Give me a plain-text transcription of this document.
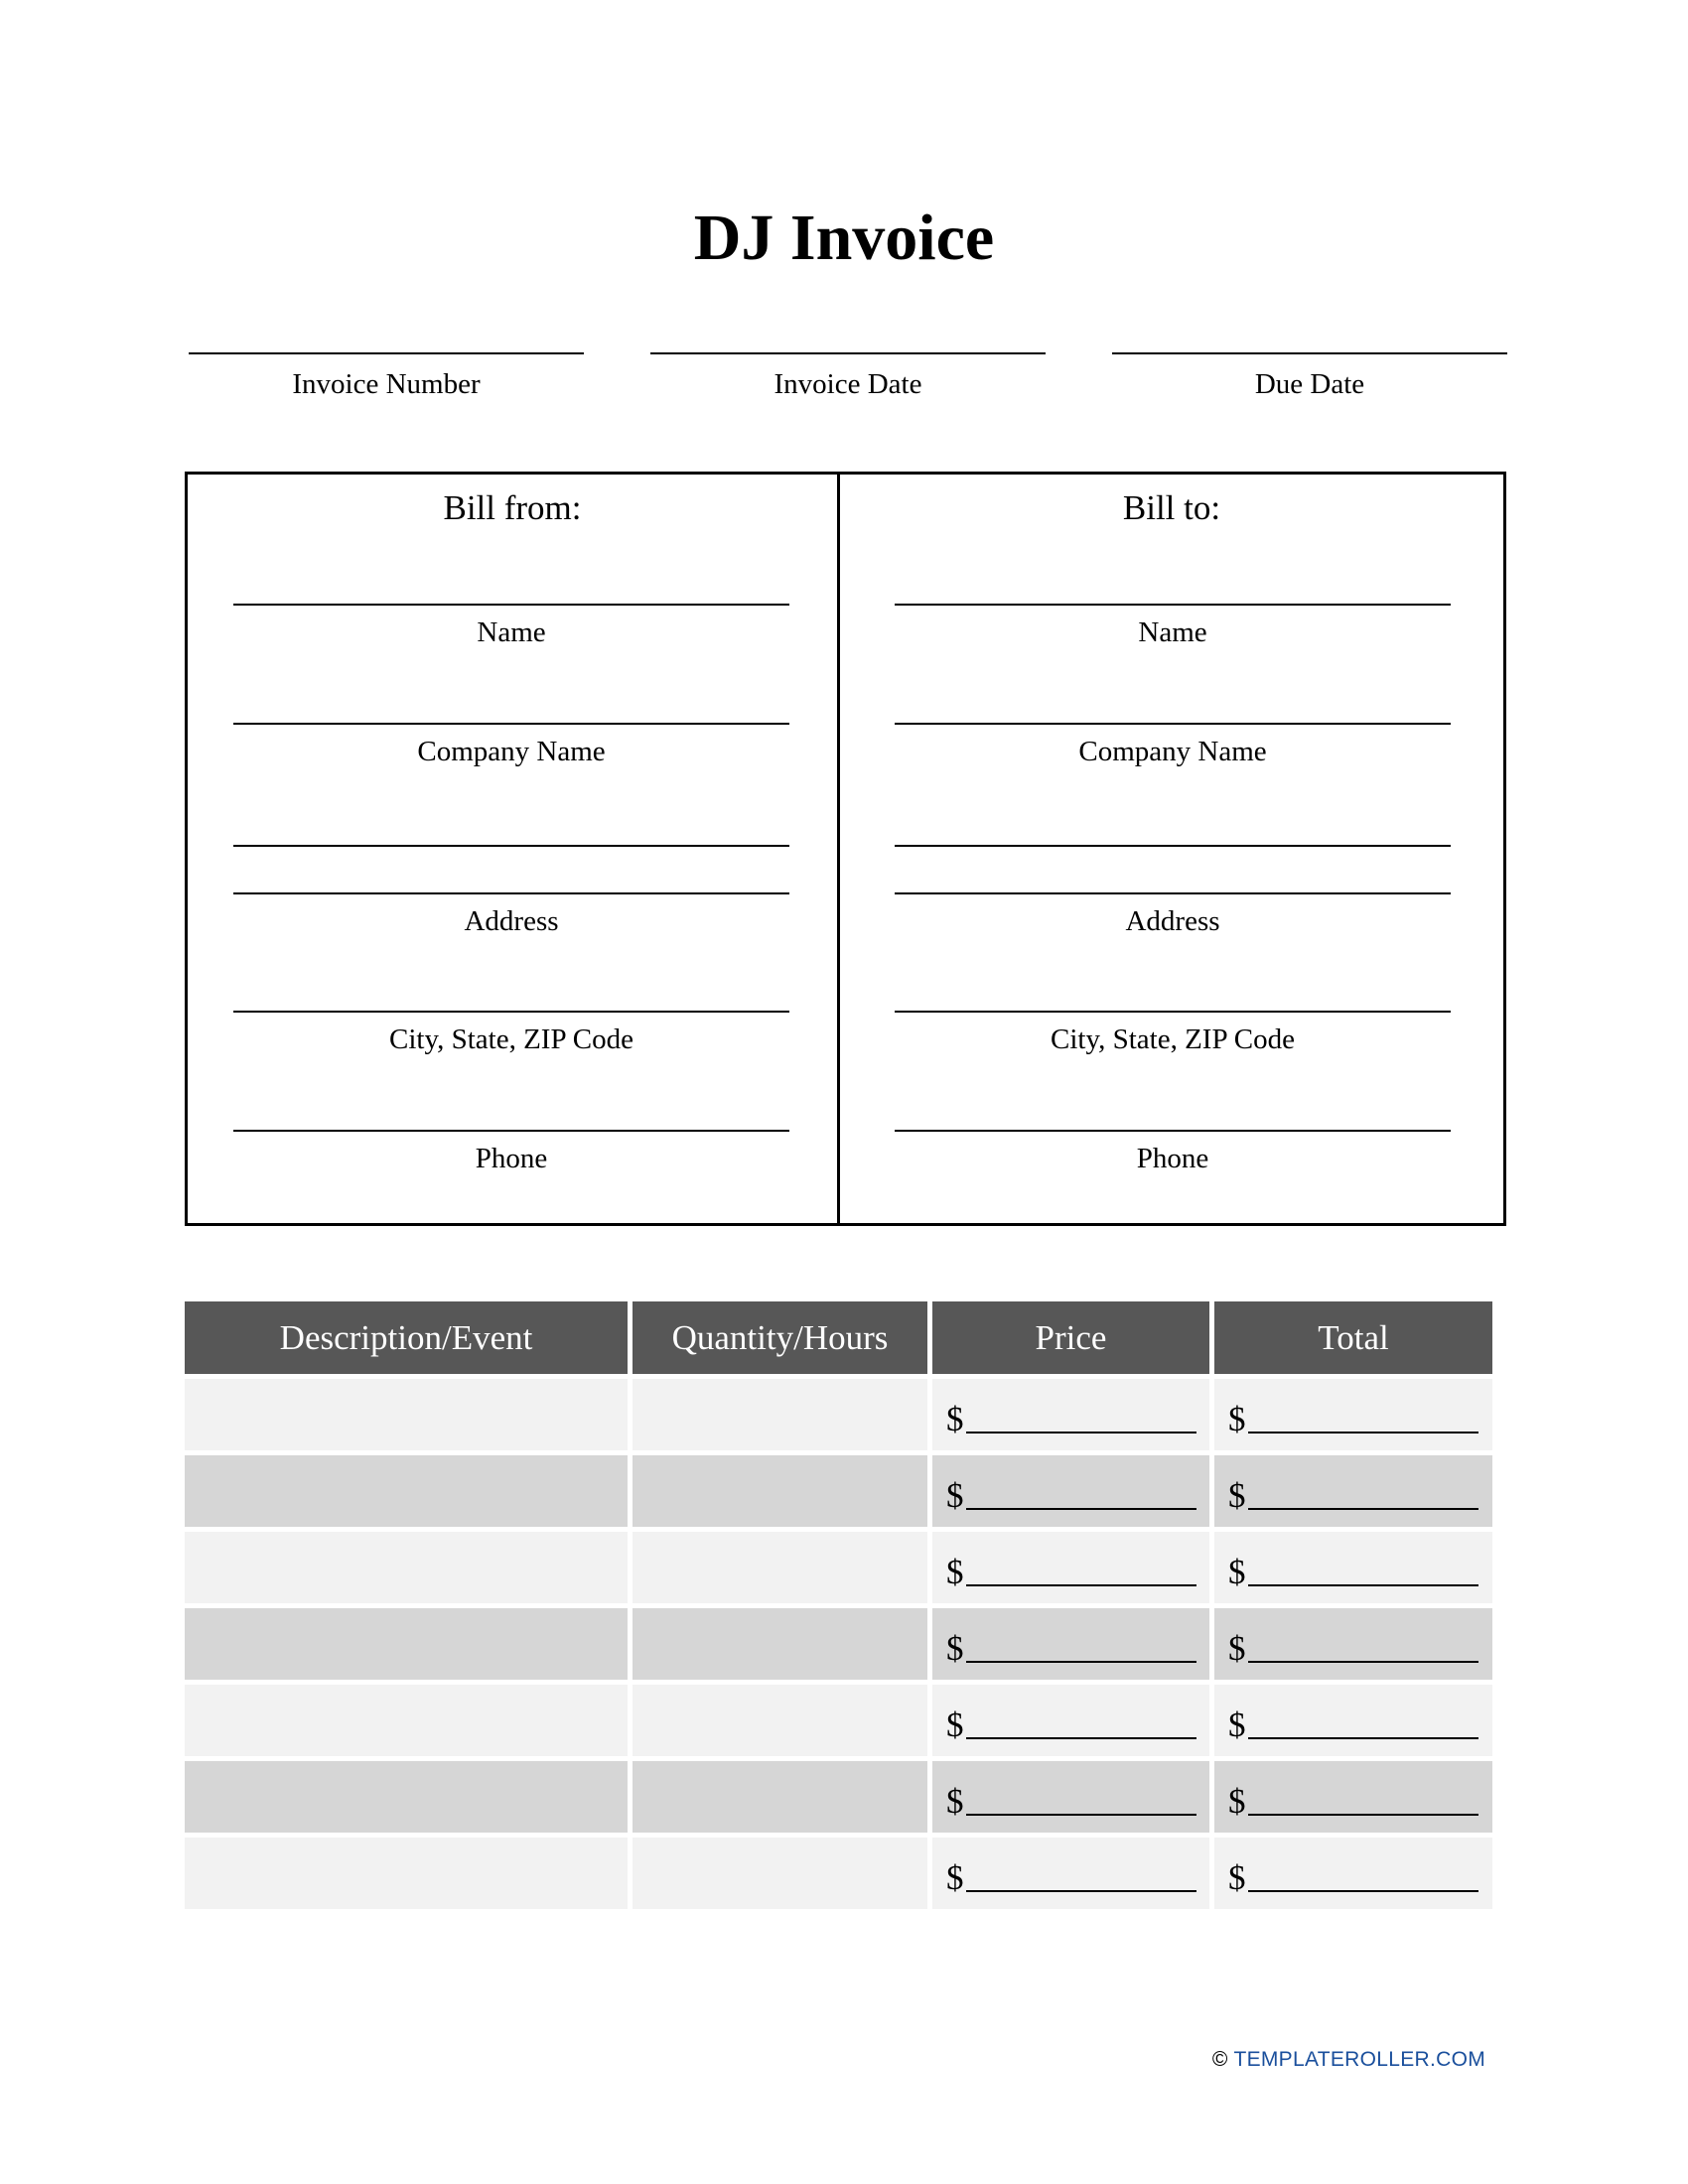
DJ Invoice
Invoice Number	Invoice Date	Due Date
Bill from:
Name
Company Name
Address
City, State, ZIP Code
Phone
Bill to:
Name
Company Name
Address
City, State, ZIP Code
Phone
Description/Event	Quantity/Hours	Price	Total

		$	$

		$	$

		$	$

		$	$

		$	$

		$	$

		$	$
© TEMPLATEROLLER.COM
